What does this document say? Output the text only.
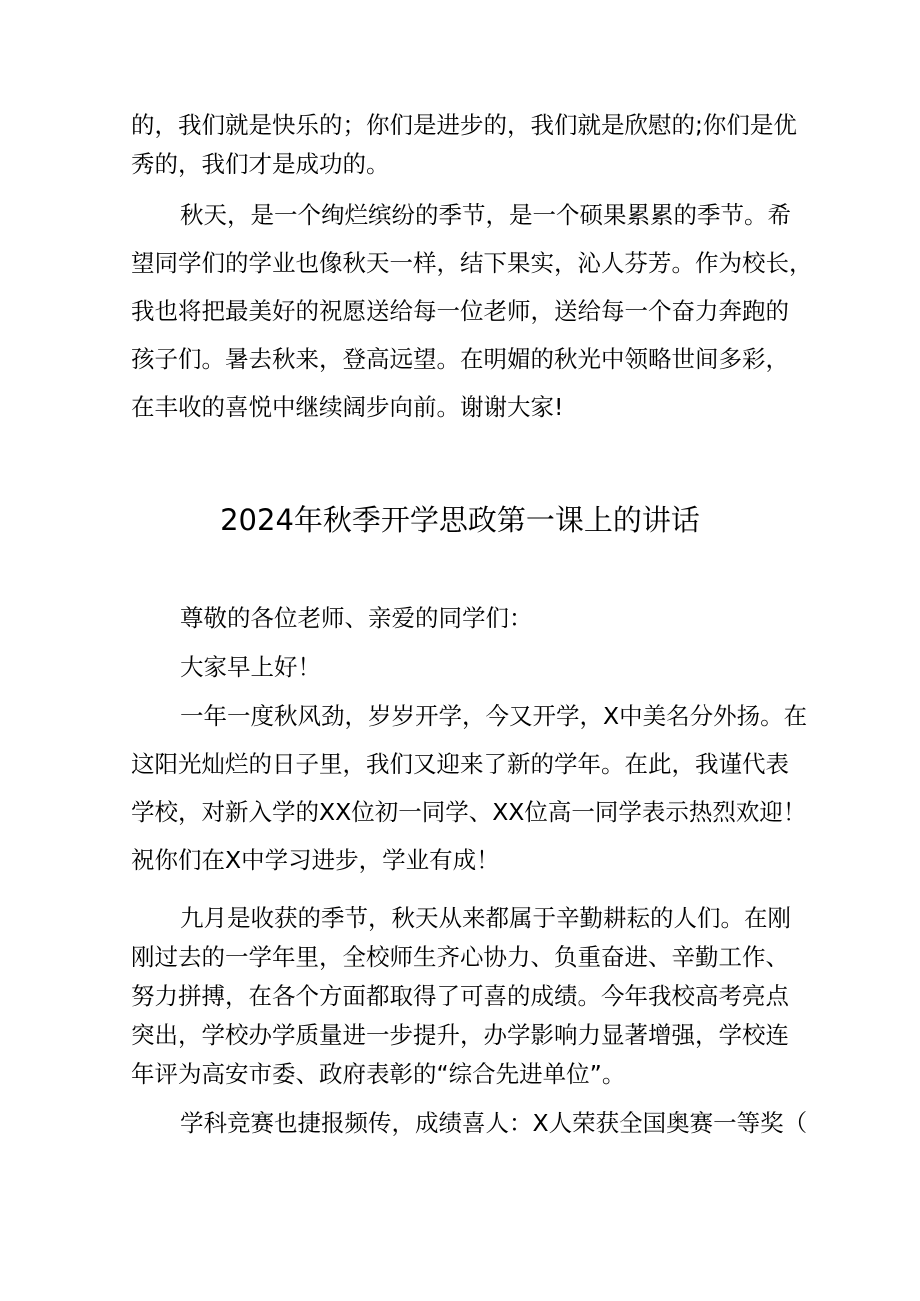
的，我们就是快乐的；你们是进步的，我们就是欣慰的;你们是优
秀的，我们才是成功的。
秋天，是一个绚烂缤纷的季节，是一个硕果累累的季节。希
望同学们的学业也像秋天一样，结下果实，沁人芬芳。作为校长，
我也将把最美好的祝愿送给每一位老师，送给每一个奋力奔跑的
孩子们。暑去秋来，登高远望。在明媚的秋光中领略世间多彩，
在丰收的喜悦中继续阔步向前。谢谢大家!
2024年秋季开学思政第一课上的讲话
尊敬的各位老师、亲爱的同学们：
大家早上好！
一年一度秋风劲，岁岁开学，今又开学，X中美名分外扬。在
这阳光灿烂的日子里，我们又迎来了新的学年。在此，我谨代表
学校，对新入学的XX位初一同学、XX位高一同学表示热烈欢迎！
祝你们在X中学习进步，学业有成！
九月是收获的季节，秋天从来都属于辛勤耕耘的人们。在刚
刚过去的一学年里，全校师生齐心协力、负重奋进、辛勤工作、
努力拼搏，在各个方面都取得了可喜的成绩。今年我校高考亮点
突出，学校办学质量进一步提升，办学影响力显著增强，学校连
年评为高安市委、政府表彰的“综合先进单位”。
学科竞赛也捷报频传，成绩喜人：X人荣获全国奥赛一等奖（
